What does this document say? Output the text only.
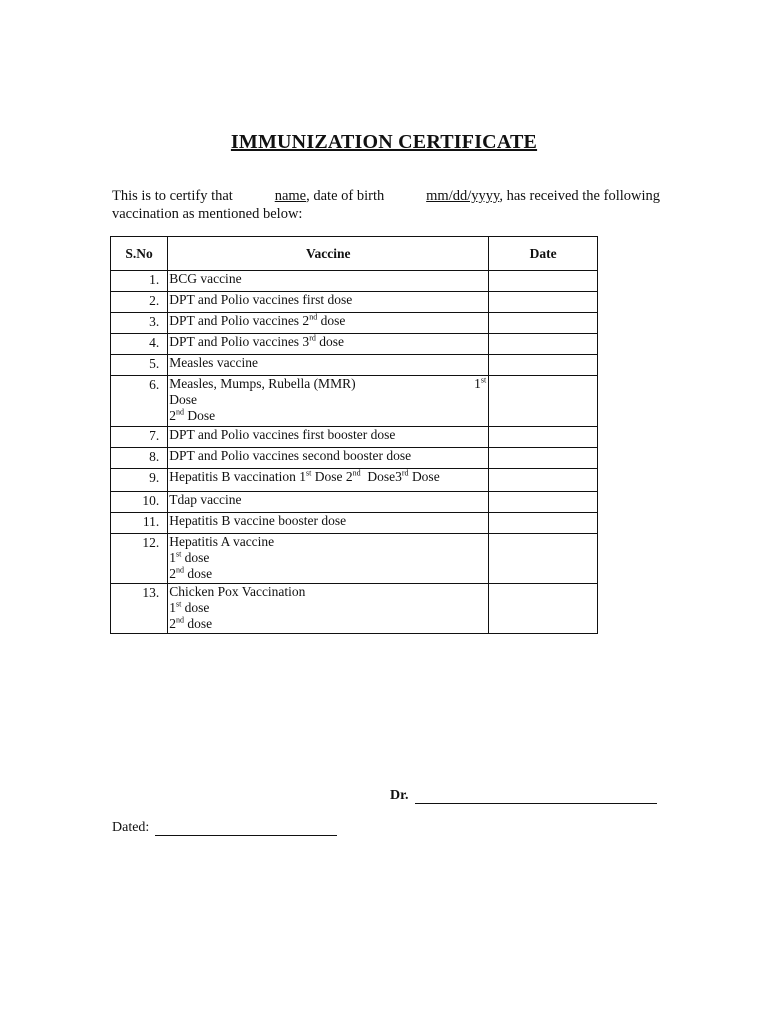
IMMUNIZATION CERTIFICATE
This is to certify that	name, date of birth	mm/dd/yyyy, has received the following
vaccination as mentioned below:
S.No	Vaccine	Date
1.	BCG vaccine	
2.	DPT and Polio vaccines first dose	
3.	DPT and Polio vaccines 2nd dose	
4.	DPT and Polio vaccines 3rd dose	
5.	Measles vaccine	
6.	Measles, Mumps, Rubella (MMR) 1st
Dose
2nd Dose	

7.	DPT and Polio vaccines first booster dose	
8.	DPT and Polio vaccines second booster dose	
9.	Hepatitis B vaccination 1st Dose 2nd  Dose3rd Dose	
10.	Tdap vaccine	
11.	Hepatitis B vaccine booster dose	
12.	Hepatitis A vaccine
1st dose
2nd dose	

13.	Chicken Pox Vaccination
1st dose
2nd dose	

Dr.
Dated:
